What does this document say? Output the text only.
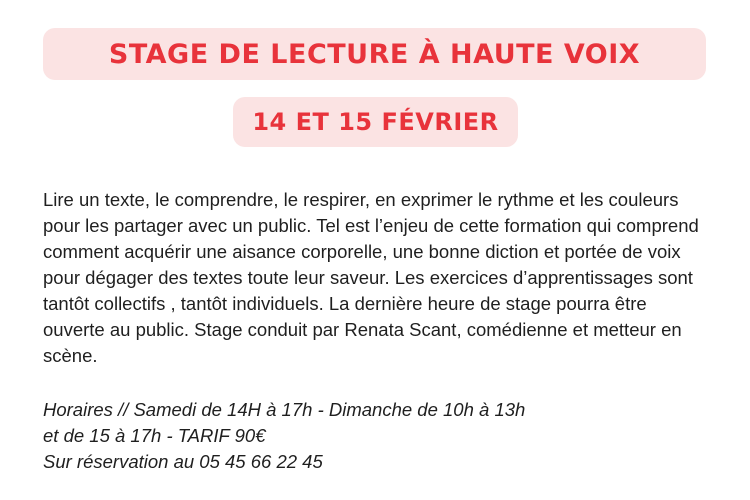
STAGE DE LECTURE À HAUTE VOIX
14 ET 15 FÉVRIER

Lire un texte, le comprendre, le respirer, en exprimer le rythme et les couleurs pour les partager avec un public. Tel est l’enjeu de cette formation qui comprend comment acquérir une aisance corporelle, une bonne diction et portée de voix pour dégager des textes toute leur saveur. Les exercices d’apprentissages sont tantôt collectifs , tantôt individuels. La dernière heure de stage pourra être ouverte au public. Stage conduit par Renata Scant, comédienne et metteur en scène.

Horaires // Samedi de 14H à 17h - Dimanche de 10h à 13h
et de 15 à 17h - TARIF 90€
Sur réservation au 05 45 66 22 45
